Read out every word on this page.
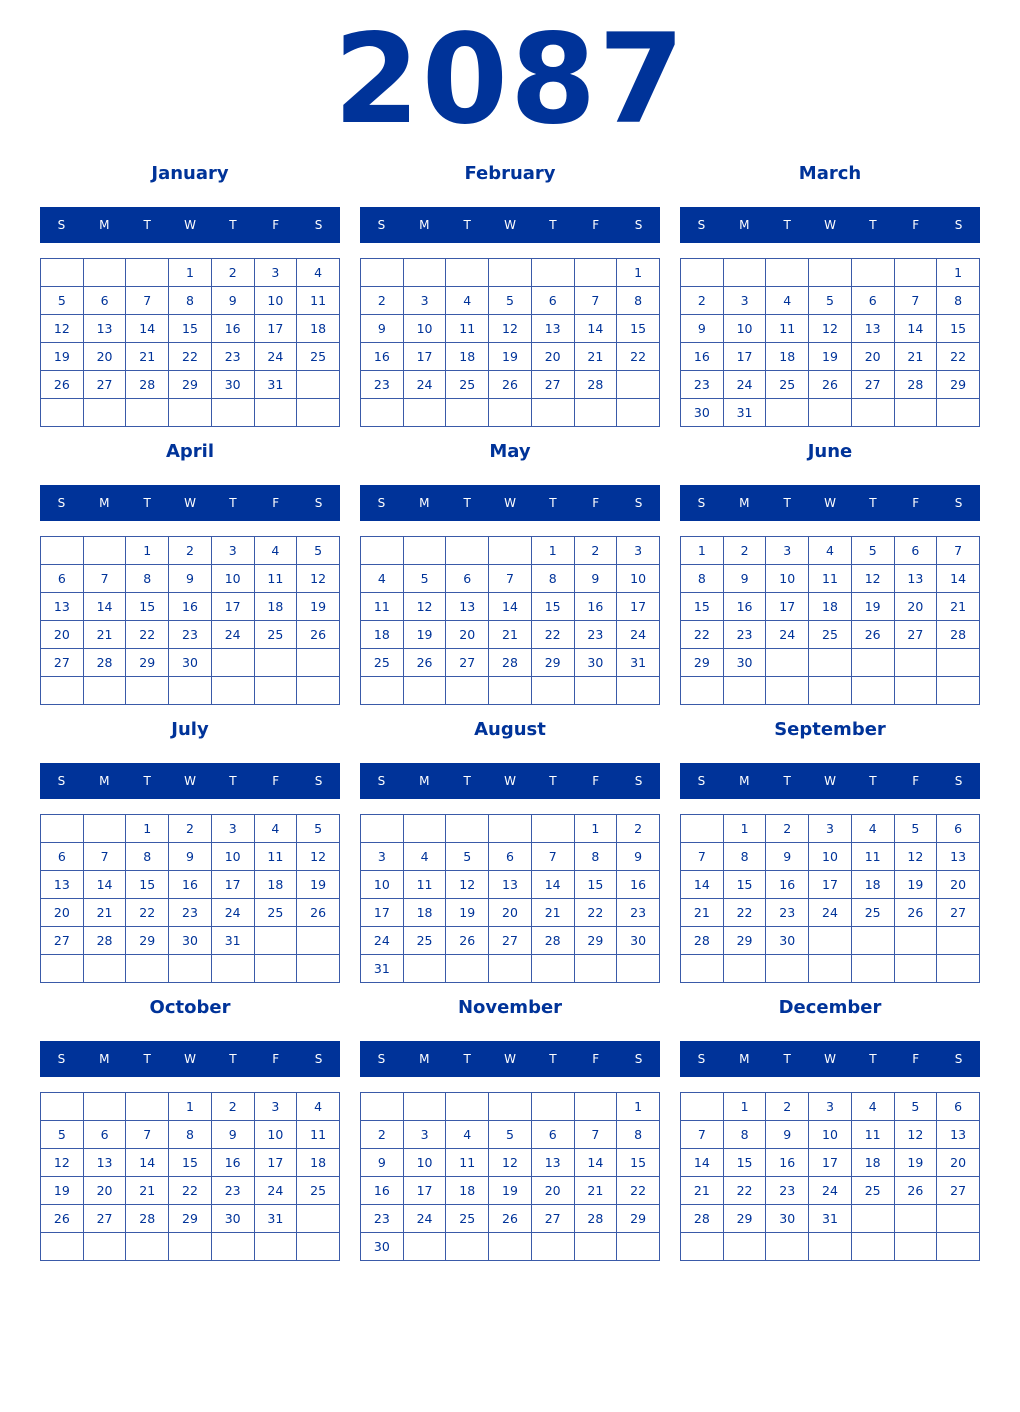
2087
January
S	M	T	W	T	F	S
			1	2	3	4
5	6	7	8	9	10	11
12	13	14	15	16	17	18
19	20	21	22	23	24	25
26	27	28	29	30	31	

February
S	M	T	W	T	F	S
						1
2	3	4	5	6	7	8
9	10	11	12	13	14	15
16	17	18	19	20	21	22
23	24	25	26	27	28	

March
S	M	T	W	T	F	S
						1
2	3	4	5	6	7	8
9	10	11	12	13	14	15
16	17	18	19	20	21	22
23	24	25	26	27	28	29
30	31					
April
S	M	T	W	T	F	S
		1	2	3	4	5
6	7	8	9	10	11	12
13	14	15	16	17	18	19
20	21	22	23	24	25	26
27	28	29	30			

May
S	M	T	W	T	F	S
				1	2	3
4	5	6	7	8	9	10
11	12	13	14	15	16	17
18	19	20	21	22	23	24
25	26	27	28	29	30	31

June
S	M	T	W	T	F	S
1	2	3	4	5	6	7
8	9	10	11	12	13	14
15	16	17	18	19	20	21
22	23	24	25	26	27	28
29	30					

July
S	M	T	W	T	F	S
		1	2	3	4	5
6	7	8	9	10	11	12
13	14	15	16	17	18	19
20	21	22	23	24	25	26
27	28	29	30	31		

August
S	M	T	W	T	F	S
					1	2
3	4	5	6	7	8	9
10	11	12	13	14	15	16
17	18	19	20	21	22	23
24	25	26	27	28	29	30
31						
September
S	M	T	W	T	F	S
	1	2	3	4	5	6
7	8	9	10	11	12	13
14	15	16	17	18	19	20
21	22	23	24	25	26	27
28	29	30				

October
S	M	T	W	T	F	S
			1	2	3	4
5	6	7	8	9	10	11
12	13	14	15	16	17	18
19	20	21	22	23	24	25
26	27	28	29	30	31	

November
S	M	T	W	T	F	S
						1
2	3	4	5	6	7	8
9	10	11	12	13	14	15
16	17	18	19	20	21	22
23	24	25	26	27	28	29
30						
December
S	M	T	W	T	F	S
	1	2	3	4	5	6
7	8	9	10	11	12	13
14	15	16	17	18	19	20
21	22	23	24	25	26	27
28	29	30	31			
